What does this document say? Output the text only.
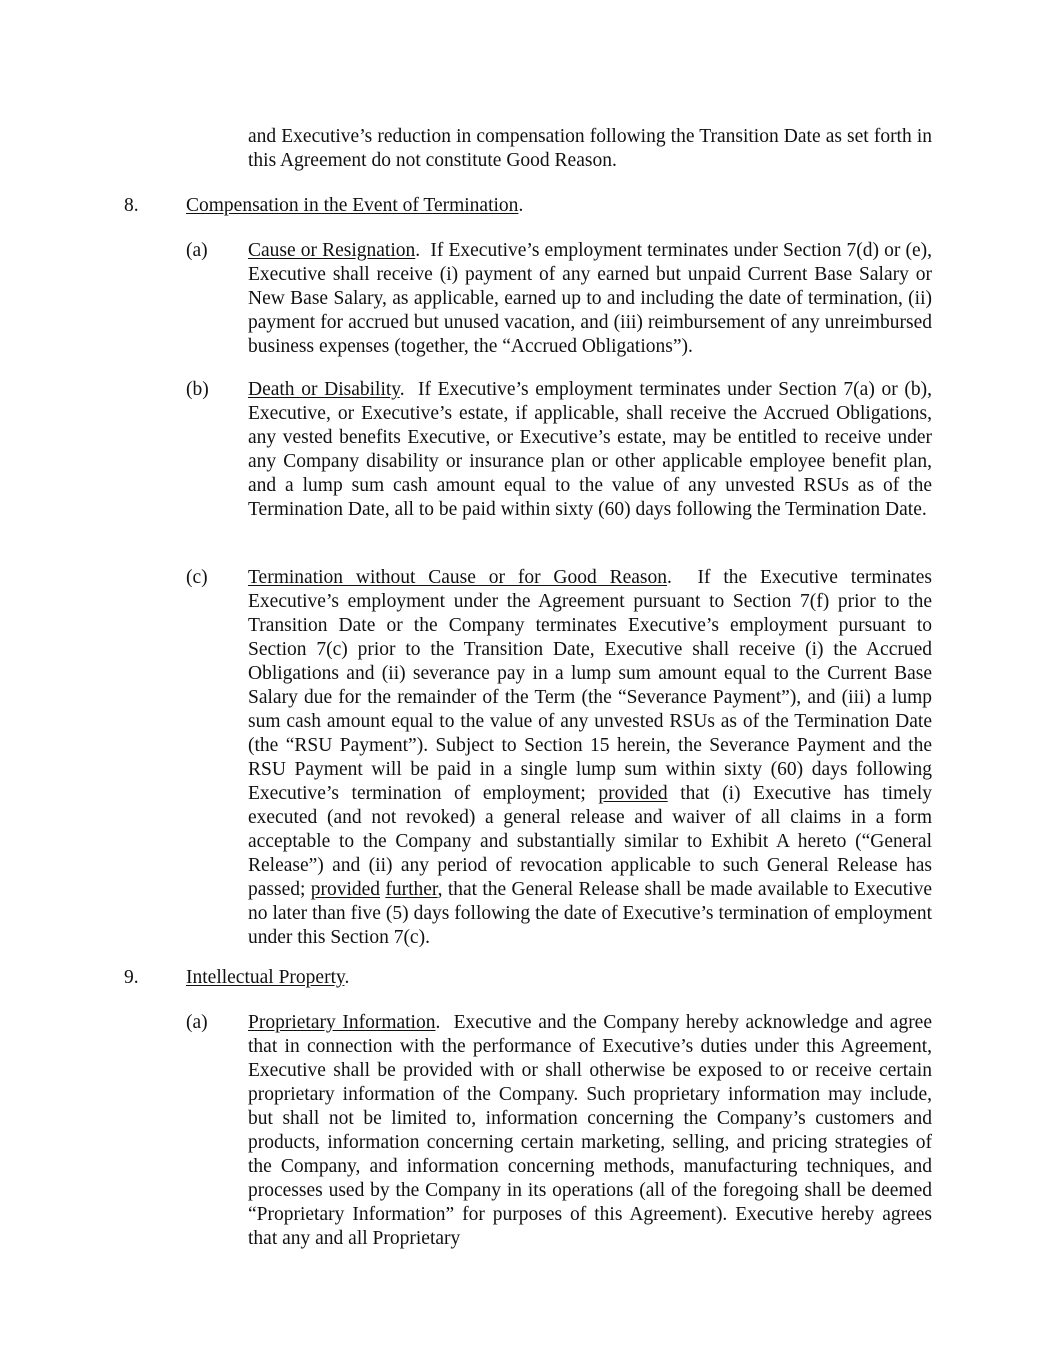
and Executive’s reduction in compensation following the Transition Date as set forth in this Agreement do not constitute Good Reason.

8. Compensation in the Event of Termination.

(a) Cause or Resignation.  If Executive’s employment terminates under Section 7(d) or (e), Executive shall receive (i) payment of any earned but unpaid Current Base Salary or New Base Salary, as applicable, earned up to and including the date of termination, (ii) payment for accrued but unused vacation, and (iii) reimbursement of any unreimbursed business expenses (together, the “Accrued Obligations”).

(b) Death or Disability.  If Executive’s employment terminates under Section 7(a) or (b), Executive, or Executive’s estate, if applicable, shall receive the Accrued Obligations, any vested benefits Executive, or Executive’s estate, may be entitled to receive under any Company disability or insurance plan or other applicable employee benefit plan, and a lump sum cash amount equal to the value of any unvested RSUs as of the Termination Date, all to be paid within sixty (60) days following the Termination Date.

(c) Termination without Cause or for Good Reason.  If the Executive terminates Executive’s employment under the Agreement pursuant to Section 7(f) prior to the Transition Date or the Company terminates Executive’s employment pursuant to Section 7(c) prior to the Transition Date, Executive shall receive (i) the Accrued Obligations and (ii) severance pay in a lump sum amount equal to the Current Base Salary due for the remainder of the Term (the “Severance Payment”), and (iii) a lump sum cash amount equal to the value of any unvested RSUs as of the Termination Date (the “RSU Payment”). Subject to Section 15 herein, the Severance Payment and the RSU Payment will be paid in a single lump sum within sixty (60) days following Executive’s termination of employment; provided that (i) Executive has timely executed (and not revoked) a general release and waiver of all claims in a form acceptable to the Company and substantially similar to Exhibit A hereto (“General Release”) and (ii) any period of revocation applicable to such General Release has passed; provided further, that the General Release shall be made available to Executive no later than five (5) days following the date of Executive’s termination of employment under this Section 7(c).

9. Intellectual Property.

(a) Proprietary Information.  Executive and the Company hereby acknowledge and agree that in connection with the performance of Executive’s duties under this Agreement, Executive shall be provided with or shall otherwise be exposed to or receive certain proprietary information of the Company. Such proprietary information may include, but shall not be limited to, information concerning the Company’s customers and products, information concerning certain marketing, selling, and pricing strategies of the Company, and information concerning methods, manufacturing techniques, and processes used by the Company in its operations (all of the foregoing shall be deemed “Proprietary Information” for purposes of this Agreement). Executive hereby agrees that any and all Proprietary
